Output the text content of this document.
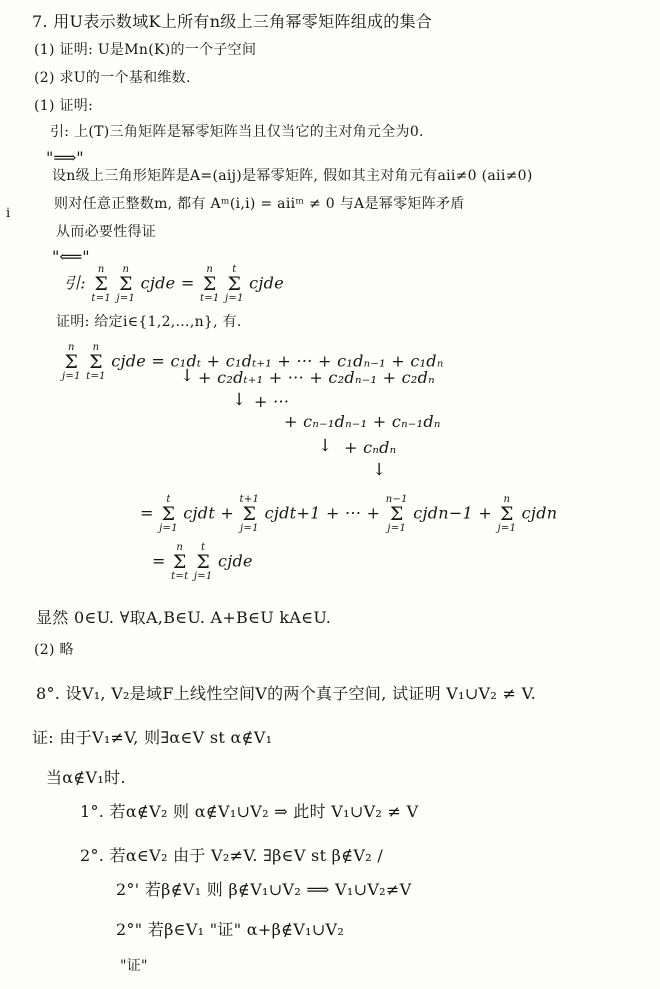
7. 用U表示数域K上所有n级上三角幂零矩阵组成的集合
(1) 证明: U是Mn(K)的一个子空间
(2) 求U的一个基和维数.
(1) 证明:
引: 上(T)三角矩阵是幂零矩阵当且仅当它的主对角元全为0.
"⟹"
设n级上三角形矩阵是A=(aij)是幂零矩阵, 假如其主对角元有aii≠0 (aii≠0)
则对任意正整数m, 都有 Aᵐ(i,i) = aiiᵐ ≠ 0 与A是幂零矩阵矛盾
i
从而必要性得证
"⟸"
引: n
Σ
t=1 n
Σ
j=1 cjde = n
Σ
t=1 t
Σ
j=1 cjde
证明: 给定i∈{1,2,…,n}, 有.
n
Σ
j=1 n
Σ
t=1 cjde = c₁dₜ + c₁dₜ₊₁ + ··· + c₁dₙ₋₁ + c₁dₙ
↓ + c₂dₜ₊₁ + ··· + c₂dₙ₋₁ + c₂dₙ
↓ + ···
+ cₙ₋₁dₙ₋₁ + cₙ₋₁dₙ
↓ + cₙdₙ
↓
= t
Σ
j=1 cjdt + t+1
Σ
j=1 cjdt+1 + ··· + n−1
Σ
j=1 cjdn−1 + n
Σ
j=1 cjdn
= n
Σ
t=t t
Σ
j=1 cjde
显然 0∈U. ∀取A,B∈U. A+B∈U kA∈U.
(2) 略
8°. 设V₁, V₂是域F上线性空间V的两个真子空间, 试证明 V₁∪V₂ ≠ V.
证: 由于V₁≠V, 则∃α∈V st α∉V₁
当α∉V₁时.
1°. 若α∉V₂ 则 α∉V₁∪V₂ ⇒ 此时 V₁∪V₂ ≠ V
2°. 若α∈V₂ 由于 V₂≠V. ∃β∈V st β∉V₂ /
2°' 若β∉V₁ 则 β∉V₁∪V₂ ⟹ V₁∪V₂≠V
2°" 若β∈V₁ "证" α+β∉V₁∪V₂
"证"
